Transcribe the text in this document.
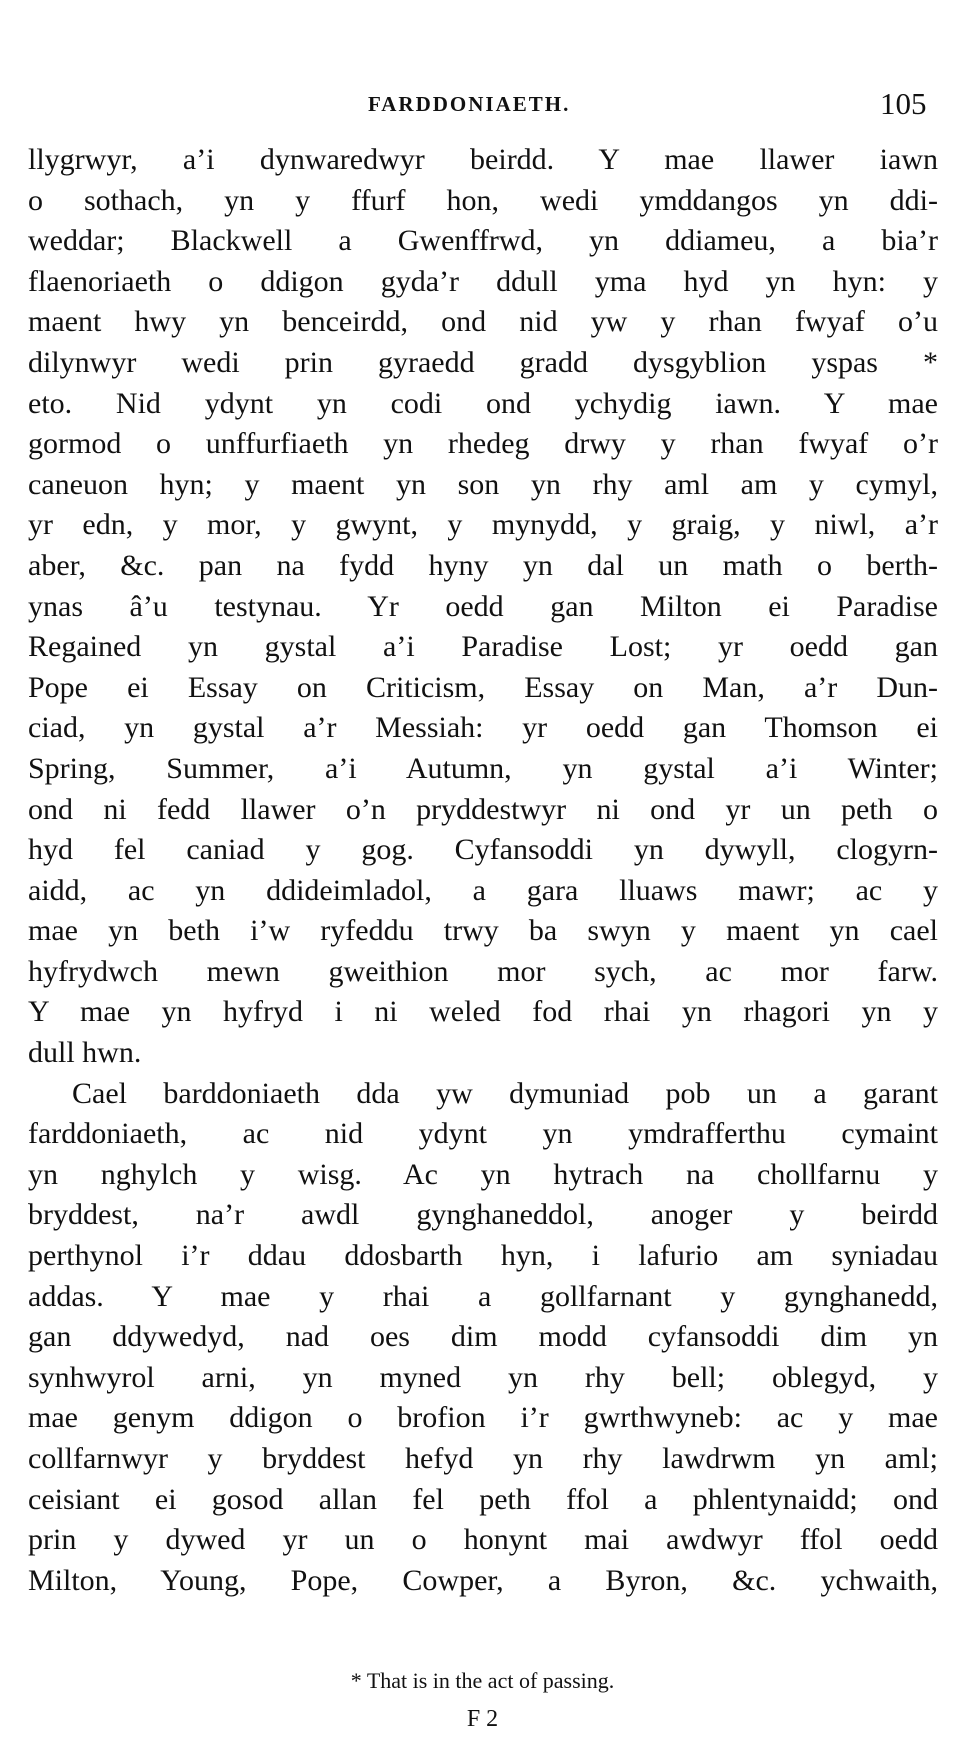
FARDDONIAETH.	105
llygrwyr, a’i dynwaredwyr beirdd. Y mae llawer iawn
o sothach, yn y ffurf hon, wedi ymddangos yn ddi-
weddar; Blackwell a Gwenffrwd, yn ddiameu, a bia’r
flaenoriaeth o ddigon gyda’r ddull yma hyd yn hyn: y
maent hwy yn benceirdd, ond nid yw y rhan fwyaf o’u
dilynwyr wedi prin gyraedd gradd dysgyblion yspas *
eto. Nid ydynt yn codi ond ychydig iawn. Y mae
gormod o unffurfiaeth yn rhedeg drwy y rhan fwyaf o’r
caneuon hyn; y maent yn son yn rhy aml am y cymyl,
yr edn, y mor, y gwynt, y mynydd, y graig, y niwl, a’r
aber, &c. pan na fydd hyny yn dal un math o berth-
ynas â’u testynau. Yr oedd gan Milton ei Paradise
Regained yn gystal a’i Paradise Lost; yr oedd gan
Pope ei Essay on Criticism, Essay on Man, a’r Dun-
ciad, yn gystal a’r Messiah: yr oedd gan Thomson ei
Spring, Summer, a’i Autumn, yn gystal a’i Winter;
ond ni fedd llawer o’n pryddestwyr ni ond yr un peth o
hyd fel caniad y gog. Cyfansoddi yn dywyll, clogyrn-
aidd, ac yn ddideimladol, a gara lluaws mawr; ac y
mae yn beth i’w ryfeddu trwy ba swyn y maent yn cael
hyfrydwch mewn gweithion mor sych, ac mor farw.
Y mae yn hyfryd i ni weled fod rhai yn rhagori yn y
dull hwn.
Cael barddoniaeth dda yw dymuniad pob un a garant
farddoniaeth, ac nid ydynt yn ymdrafferthu cymaint
yn nghylch y wisg. Ac yn hytrach na chollfarnu y
bryddest, na’r awdl gynghaneddol, anoger y beirdd
perthynol i’r ddau ddosbarth hyn, i lafurio am syniadau
addas. Y mae y rhai a gollfarnant y gynghanedd,
gan ddywedyd, nad oes dim modd cyfansoddi dim yn
synhwyrol arni, yn myned yn rhy bell; oblegyd, y
mae genym ddigon o brofion i’r gwrthwyneb: ac y mae
collfarnwyr y bryddest hefyd yn rhy lawdrwm yn aml;
ceisiant ei gosod allan fel peth ffol a phlentynaidd; ond
prin y dywed yr un o honynt mai awdwyr ffol oedd
Milton, Young, Pope, Cowper, a Byron, &c. ychwaith,
* That is in the act of passing.
F 2
